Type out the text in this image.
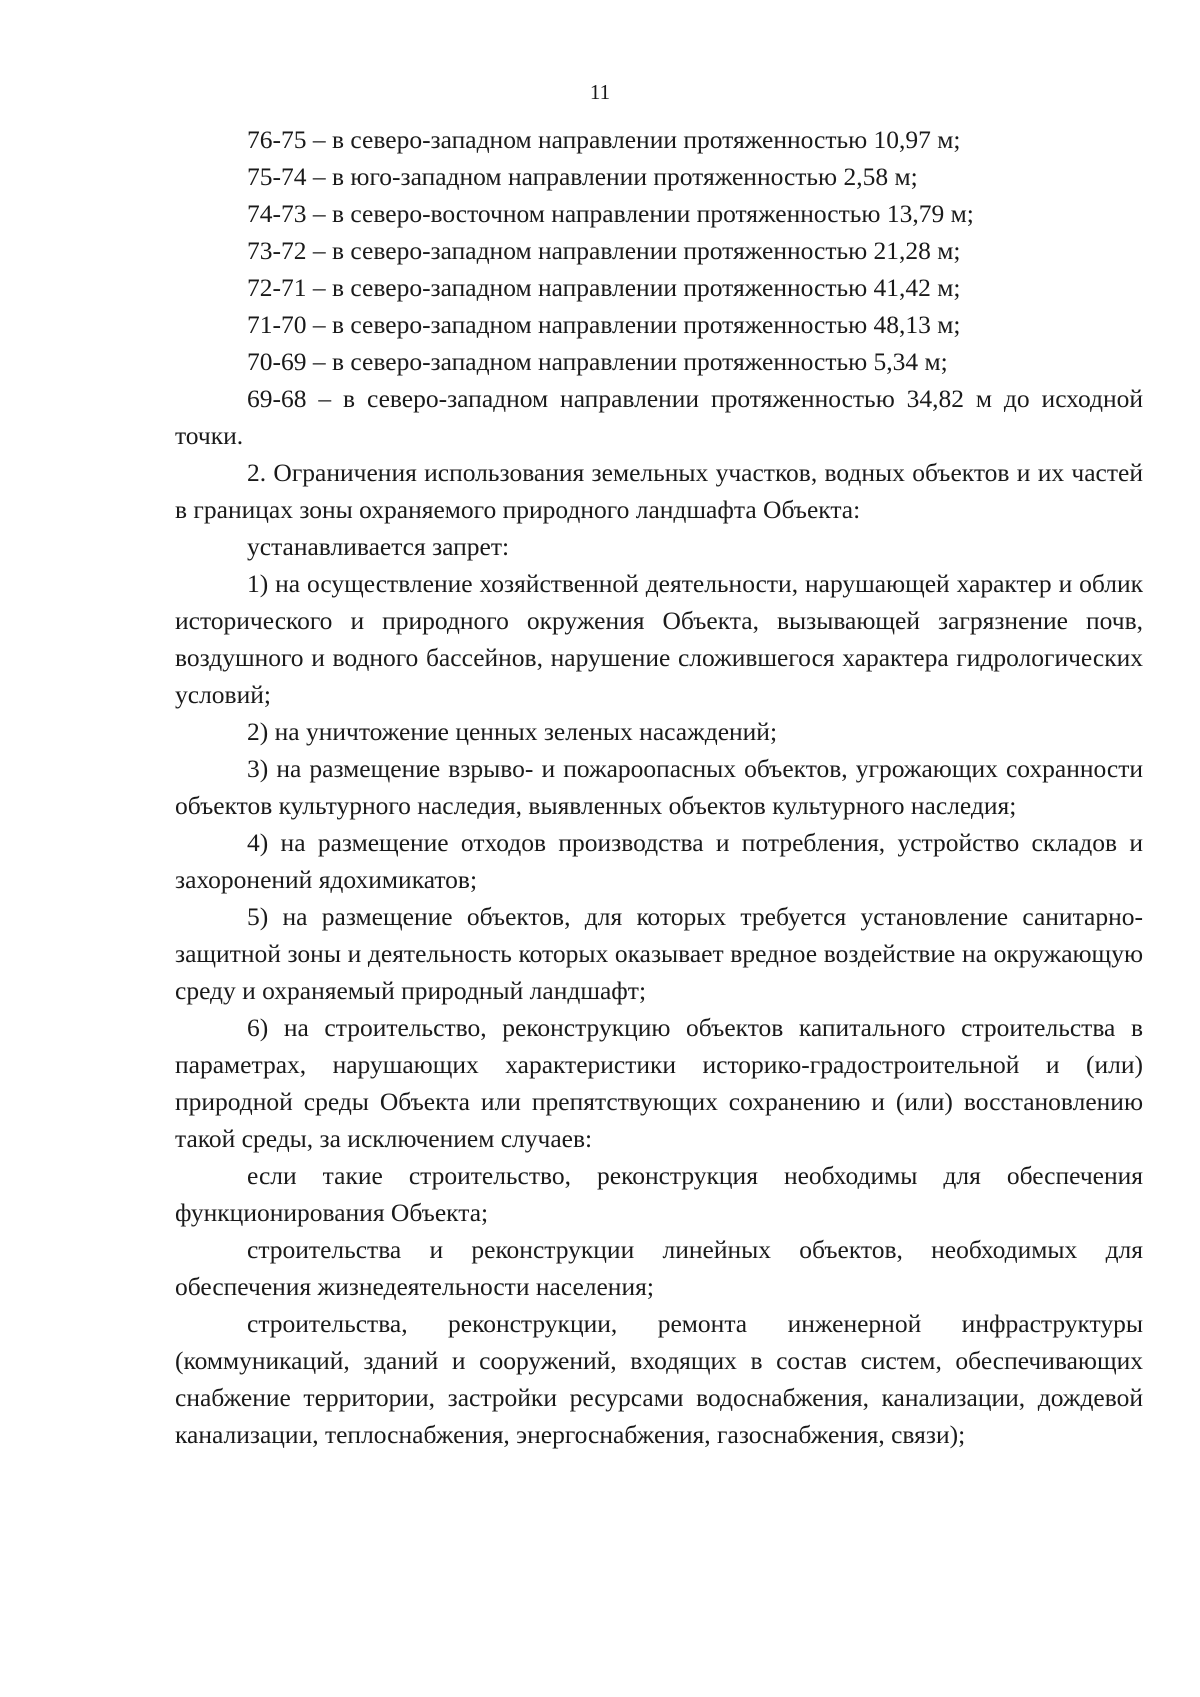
11

76-75 – в северо-западном направлении протяженностью 10,97 м;

75-74 – в юго-западном направлении протяженностью 2,58 м;

74-73 – в северо-восточном направлении протяженностью 13,79 м;

73-72 – в северо-западном направлении протяженностью 21,28 м;

72-71 – в северо-западном направлении протяженностью 41,42 м;

71-70 – в северо-западном направлении протяженностью 48,13 м;

70-69 – в северо-западном направлении протяженностью 5,34 м;

69-68 – в северо-западном направлении протяженностью 34,82 м до исходной точки.

2. Ограничения использования земельных участков, водных объектов и их частей в границах зоны охраняемого природного ландшафта Объекта:

устанавливается запрет:

1) на осуществление хозяйственной деятельности, нарушающей характер и облик исторического и природного окружения Объекта, вызывающей загрязнение почв, воздушного и водного бассейнов, нарушение сложившегося характера гидрологических условий;

2) на уничтожение ценных зеленых насаждений;

3) на размещение взрыво- и пожароопасных объектов, угрожающих сохранности объектов культурного наследия, выявленных объектов культурного наследия;

4) на размещение отходов производства и потребления, устройство складов и захоронений ядохимикатов;

5) на размещение объектов, для которых требуется установление санитарно-защитной зоны и деятельность которых оказывает вредное воздействие на окружающую среду и охраняемый природный ландшафт;

6) на строительство, реконструкцию объектов капитального строительства в параметрах, нарушающих характеристики историко-градостроительной и (или) природной среды Объекта или препятствующих сохранению и (или) восстановлению такой среды, за исключением случаев:

если такие строительство, реконструкция необходимы для обеспечения функционирования Объекта;

строительства и реконструкции линейных объектов, необходимых для обеспечения жизнедеятельности населения;

строительства, реконструкции, ремонта инженерной инфраструктуры (коммуникаций, зданий и сооружений, входящих в состав систем, обеспечивающих снабжение территории, застройки ресурсами водоснабжения, канализации, дождевой канализации, теплоснабжения, энергоснабжения, газоснабжения, связи);
